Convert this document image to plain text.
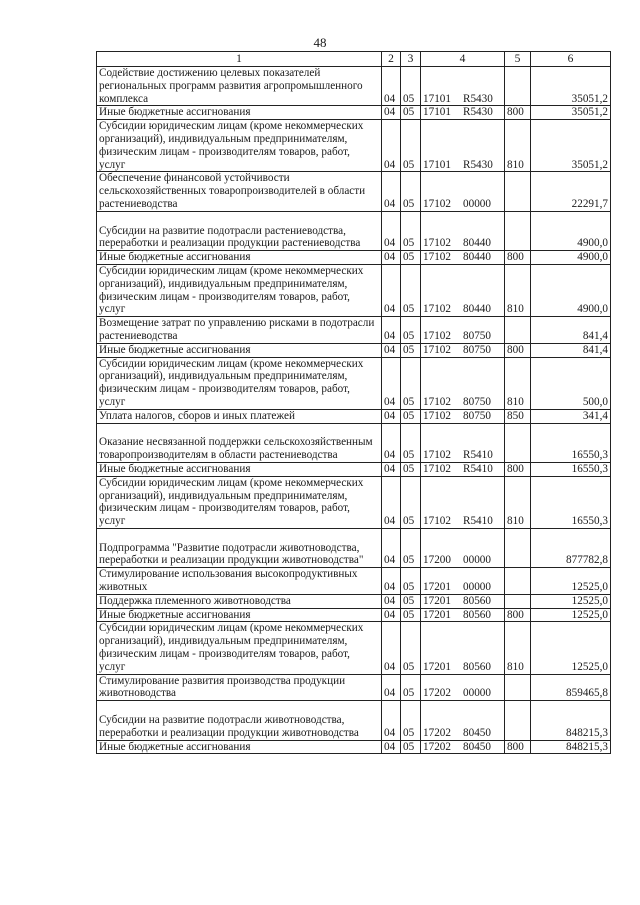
48
1	2	3	4	5	6
Содействие достижению целевых показателей региональных программ развития агропромышленного комплекса	04	05	17101 R5430		35051,2
Иные бюджетные ассигнования	04	05	17101 R5430	800	35051,2
Субсидии юридическим лицам (кроме некоммерческих организаций), индивидуальным предпринимателям, физическим лицам - производителям товаров, работ, услуг	04	05	17101 R5430	810	35051,2
Обеспечение финансовой устойчивости сельскохозяйственных товаропроизводителей в области растениеводства	04	05	17102 00000		22291,7
Субсидии на развитие подотрасли растениеводства, переработки и реализации продукции растениеводства	04	05	17102 80440		4900,0
Иные бюджетные ассигнования	04	05	17102 80440	800	4900,0
Субсидии юридическим лицам (кроме некоммерческих организаций), индивидуальным предпринимателям, физическим лицам - производителям товаров, работ, услуг	04	05	17102 80440	810	4900,0
Возмещение затрат по управлению рисками в подотрасли растениеводства	04	05	17102 80750		841,4
Иные бюджетные ассигнования	04	05	17102 80750	800	841,4
Субсидии юридическим лицам (кроме некоммерческих организаций), индивидуальным предпринимателям, физическим лицам - производителям товаров, работ, услуг	04	05	17102 80750	810	500,0
Уплата налогов, сборов и иных платежей	04	05	17102 80750	850	341,4
Оказание несвязанной поддержки сельскохозяйственным товаропроизводителям в области растениеводства	04	05	17102 R5410		16550,3
Иные бюджетные ассигнования	04	05	17102 R5410	800	16550,3
Субсидии юридическим лицам (кроме некоммерческих организаций), индивидуальным предпринимателям, физическим лицам - производителям товаров, работ, услуг	04	05	17102 R5410	810	16550,3
Подпрограмма "Развитие подотрасли животноводства, переработки и реализации продукции животноводства"	04	05	17200 00000		877782,8
Стимулирование использования высокопродуктивных животных	04	05	17201 00000		12525,0
Поддержка племенного животноводства	04	05	17201 80560		12525,0
Иные бюджетные ассигнования	04	05	17201 80560	800	12525,0
Субсидии юридическим лицам (кроме некоммерческих организаций), индивидуальным предпринимателям, физическим лицам - производителям товаров, работ, услуг	04	05	17201 80560	810	12525,0
Стимулирование развития производства продукции животноводства	04	05	17202 00000		859465,8
Субсидии на развитие подотрасли животноводства, переработки и реализации продукции животноводства	04	05	17202 80450		848215,3
Иные бюджетные ассигнования	04	05	17202 80450	800	848215,3
